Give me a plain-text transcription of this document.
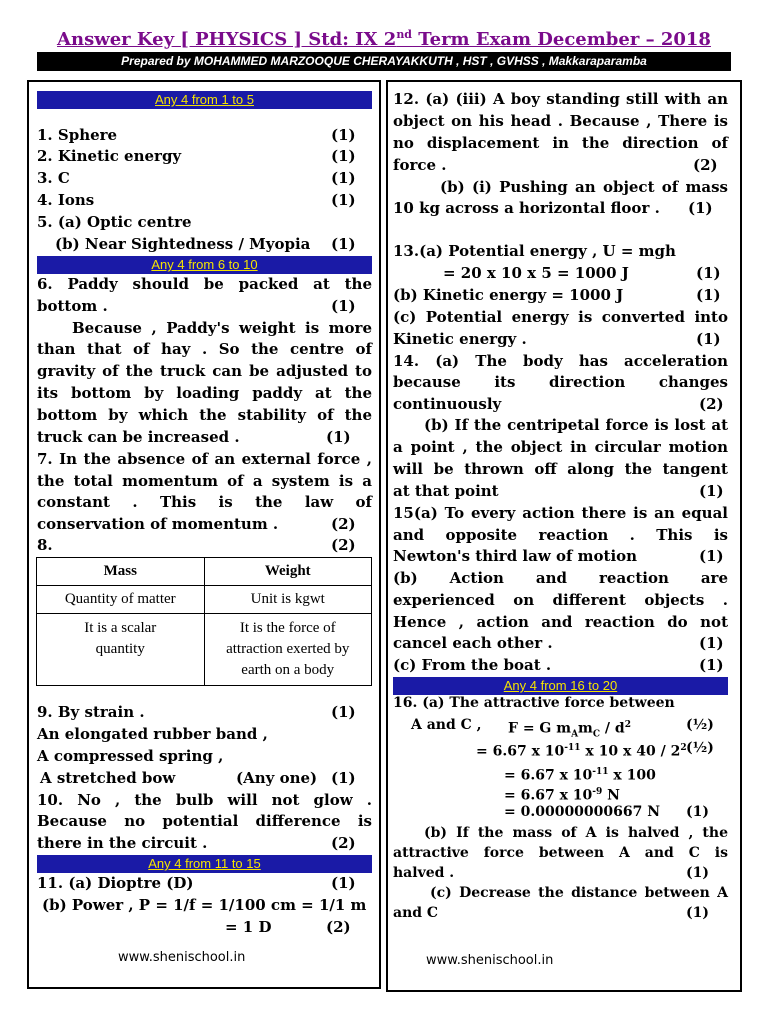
Answer Key [ PHYSICS ] Std: IX 2nd Term Exam December – 2018
Prepared by MOHAMMED MARZOOQUE CHERAYAKKUTH , HST , GVHSS , Makkaraparamba
Any 4 from 1 to 5
1. Sphere	(1)
2. Kinetic energy	(1)
3. C	(1)
4. Ions	(1)
5. (a) Optic centre
(b) Near Sightedness / Myopia (1)
Any 4 from 6 to 10
6. Paddy should be packed at the
bottom .	(1)
Because , Paddy's weight is more
than that of hay . So the centre of
gravity of the truck can be adjusted to
its bottom by loading paddy at the
bottom by which the stability of the
truck can be increased .	(1)
7. In the absence of an external force ,
the total momentum of a system is a
constant . This is the law of
conservation of momentum .	(2)
8.	(2)
Mass	Weight
Quantity of matter	Unit is kgwt
It is a scalar quantity	It is the force of attraction exerted by earth on a body
9. By strain .	(1)
An elongated rubber band ,
A compressed spring ,
A stretched bow	(Any one) (1)
10. No , the bulb will not glow .
Because no potential difference is
there in the circuit .	(2)
Any 4 from 11 to 15
11. (a) Dioptre (D)	(1)
(b) Power , P = 1/f = 1/100 cm = 1/1 m
= 1 D	(2)
www.shenischool.in
12. (a) (iii) A boy standing still with an
object on his head . Because , There is
no displacement in the direction of
force .	(2)
(b) (i) Pushing an object of mass
10 kg across a horizontal floor . (1)
13.(a) Potential energy , U = mgh
= 20 x 10 x 5 = 1000 J	(1)
(b) Kinetic energy = 1000 J	(1)
(c) Potential energy is converted into
Kinetic energy .	(1)
14. (a) The body has acceleration
because its direction changes
continuously	(2)
(b) If the centripetal force is lost at
a point , the object in circular motion
will be thrown off along the tangent
at that point	(1)
15(a) To every action there is an equal
and opposite reaction . This is
Newton's third law of motion	(1)
(b) Action and reaction are
experienced on different objects .
Hence , action and reaction do not
cancel each other .	(1)
(c) From the boat .	(1)
Any 4 from 16 to 20
16. (a) The attractive force between
A and C , F = G $m_Am_C / d^2$	(½)
= 6.67 x $10^{-11}$ x 10 x $40 / 2^2$ (½)
= 6.67 x $10^{-11}$ x 100
= 6.67 x $10^{-9}$ N
= 0.00000000667 N (1)
(b) If the mass of A is halved , the
attractive force between A and C is
halved .	(1)
(c) Decrease the distance between A
and C	(1)
www.shenischool.in
